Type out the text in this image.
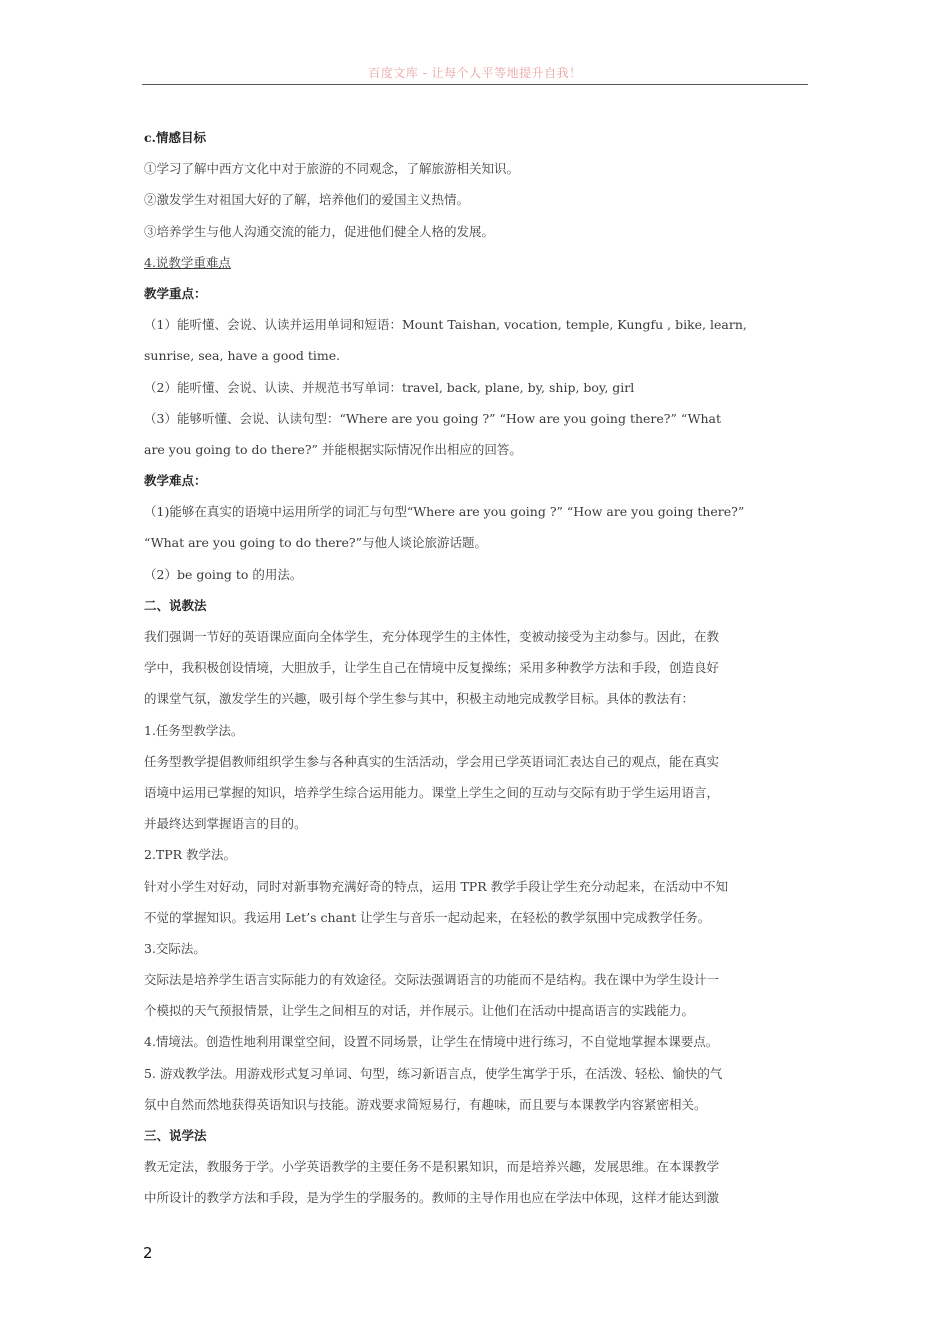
百度文库 - 让每个人平等地提升自我！
c.情感目标
①学习了解中西方文化中对于旅游的不同观念，了解旅游相关知识。
②激发学生对祖国大好的了解，培养他们的爱国主义热情。
③培养学生与他人沟通交流的能力，促进他们健全人格的发展。
4.说教学重难点
教学重点：
（1）能听懂、会说、认读并运用单词和短语：Mount Taishan, vocation, temple, Kungfu , bike, learn,
sunrise, sea, have a good time.
（2）能听懂、会说、认读、并规范书写单词：travel, back, plane, by, ship, boy, girl
（3）能够听懂、会说、认读句型：“Where are you going ?” “How are you going there?” “What
are you going to do there?” 并能根据实际情况作出相应的回答。
教学难点：
（1)能够在真实的语境中运用所学的词汇与句型“Where are you going ?” “How are you going there?”
“What are you going to do there?”与他人谈论旅游话题。
（2）be going to 的用法。
二、说教法
我们强调一节好的英语课应面向全体学生，充分体现学生的主体性，变被动接受为主动参与。因此，在教
学中，我积极创设情境，大胆放手，让学生自己在情境中反复操练；采用多种教学方法和手段，创造良好
的课堂气氛，激发学生的兴趣，吸引每个学生参与其中，积极主动地完成教学目标。具体的教法有：
1.任务型教学法。
任务型教学提倡教师组织学生参与各种真实的生活活动，学会用已学英语词汇表达自己的观点，能在真实
语境中运用已掌握的知识，培养学生综合运用能力。课堂上学生之间的互动与交际有助于学生运用语言，
并最终达到掌握语言的目的。
2.TPR 教学法。
针对小学生对好动，同时对新事物充满好奇的特点，运用 TPR 教学手段让学生充分动起来，在活动中不知
不觉的掌握知识。我运用 Let’s chant 让学生与音乐一起动起来，在轻松的教学氛围中完成教学任务。
3.交际法。
交际法是培养学生语言实际能力的有效途径。交际法强调语言的功能而不是结构。我在课中为学生设计一
个模拟的天气预报情景，让学生之间相互的对话，并作展示。让他们在活动中提高语言的实践能力。
4.情境法。创造性地利用课堂空间，设置不同场景，让学生在情境中进行练习，不自觉地掌握本课要点。
5. 游戏教学法。用游戏形式复习单词、句型，练习新语言点，使学生寓学于乐，在活泼、轻松、愉快的气
氛中自然而然地获得英语知识与技能。游戏要求简短易行，有趣味，而且要与本课教学内容紧密相关。
三、说学法
教无定法，教服务于学。小学英语教学的主要任务不是积累知识，而是培养兴趣，发展思维。在本课教学
中所设计的教学方法和手段，是为学生的学服务的。教师的主导作用也应在学法中体现，这样才能达到激
2
